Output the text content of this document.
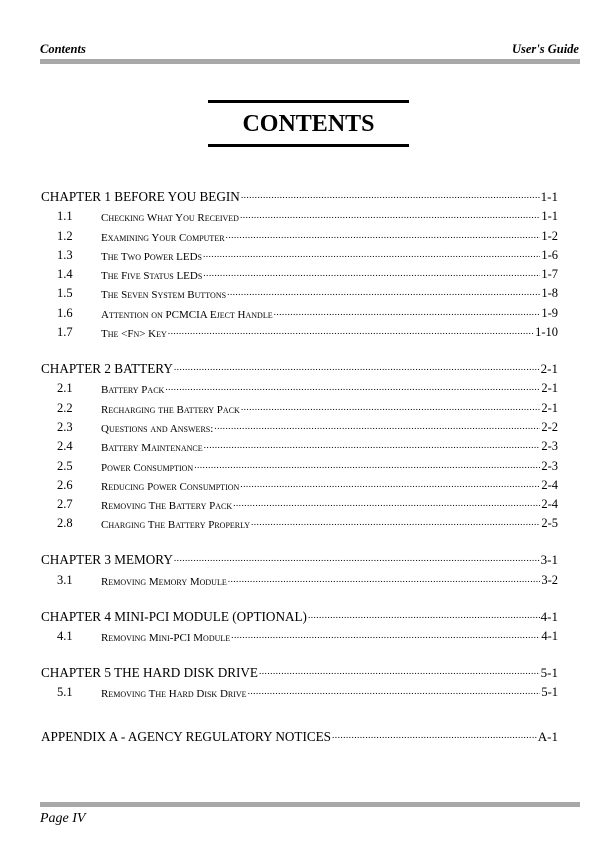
Contents	User's Guide
CONTENTS
CHAPTER 1 BEFORE YOU BEGIN .....	1-1
1.1	Checking What You Received .....	1-1
1.2	Examining Your Computer .....	1-2
1.3	The Two Power LEDs .....	1-6
1.4	The Five Status LEDs .....	1-7
1.5	The Seven System Buttons .....	1-8
1.6	Attention on PCMCIA Eject Handle .....	1-9
1.7	The <Fn> Key .....	1-10
CHAPTER 2 BATTERY .....	2-1
2.1	Battery Pack .....	2-1
2.2	Recharging the Battery Pack .....	2-1
2.3	Questions and Answers: .....	2-2
2.4	Battery Maintenance .....	2-3
2.5	Power Consumption .....	2-3
2.6	Reducing Power Consumption .....	2-4
2.7	Removing The Battery Pack .....	2-4
2.8	Charging The Battery Properly .....	2-5
CHAPTER 3 MEMORY .....	3-1
3.1	Removing Memory Module .....	3-2
CHAPTER 4 MINI-PCI MODULE (OPTIONAL) .....	4-1
4.1	Removing Mini-PCI Module .....	4-1
CHAPTER 5 THE HARD DISK DRIVE .....	5-1
5.1	Removing The Hard Disk Drive .....	5-1
APPENDIX A - AGENCY REGULATORY NOTICES .....	A-1
Page IV
